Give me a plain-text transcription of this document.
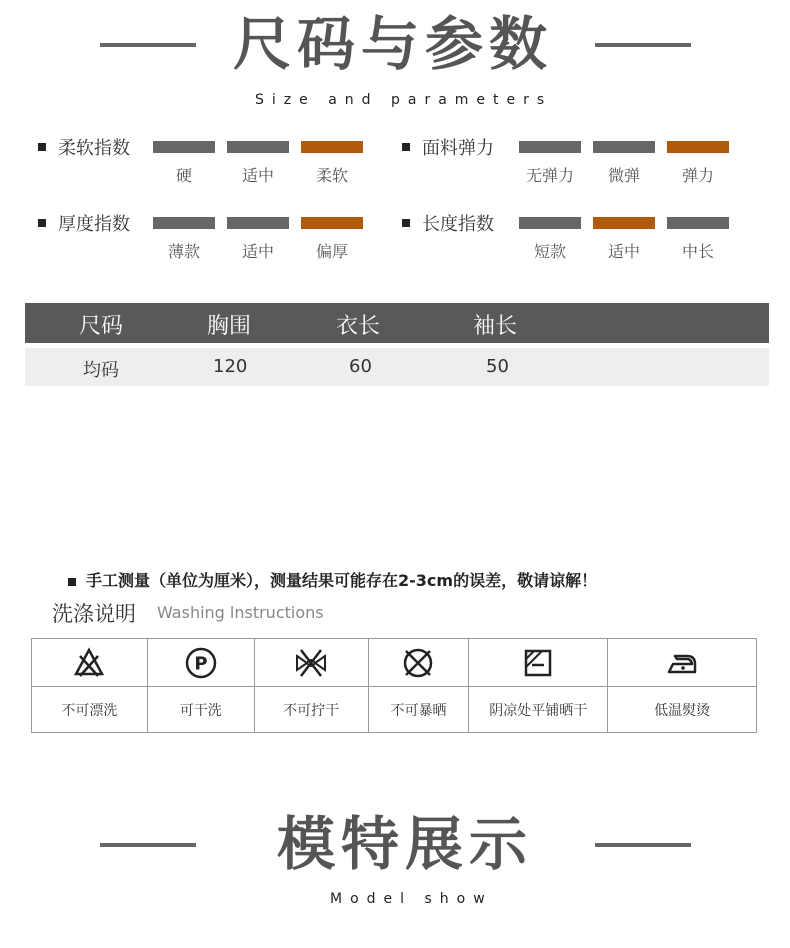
尺码与参数
Size and parameters
柔软指数
硬	适中	柔软
面料弹力
无弹力	微弹	弹力
厚度指数
薄款	适中	偏厚
长度指数
短款	适中	中长
尺码	胸围	衣长	袖长
均码	120	60	50
手工测量（单位为厘米），测量结果可能存在2-3cm的误差，敬请谅解！
洗涤说明 Washing lnstructions

P

不可漂洗	可干洗	不可拧干	不可暴晒	阴凉处平铺晒干	低温熨烫
模特展示
Model show
